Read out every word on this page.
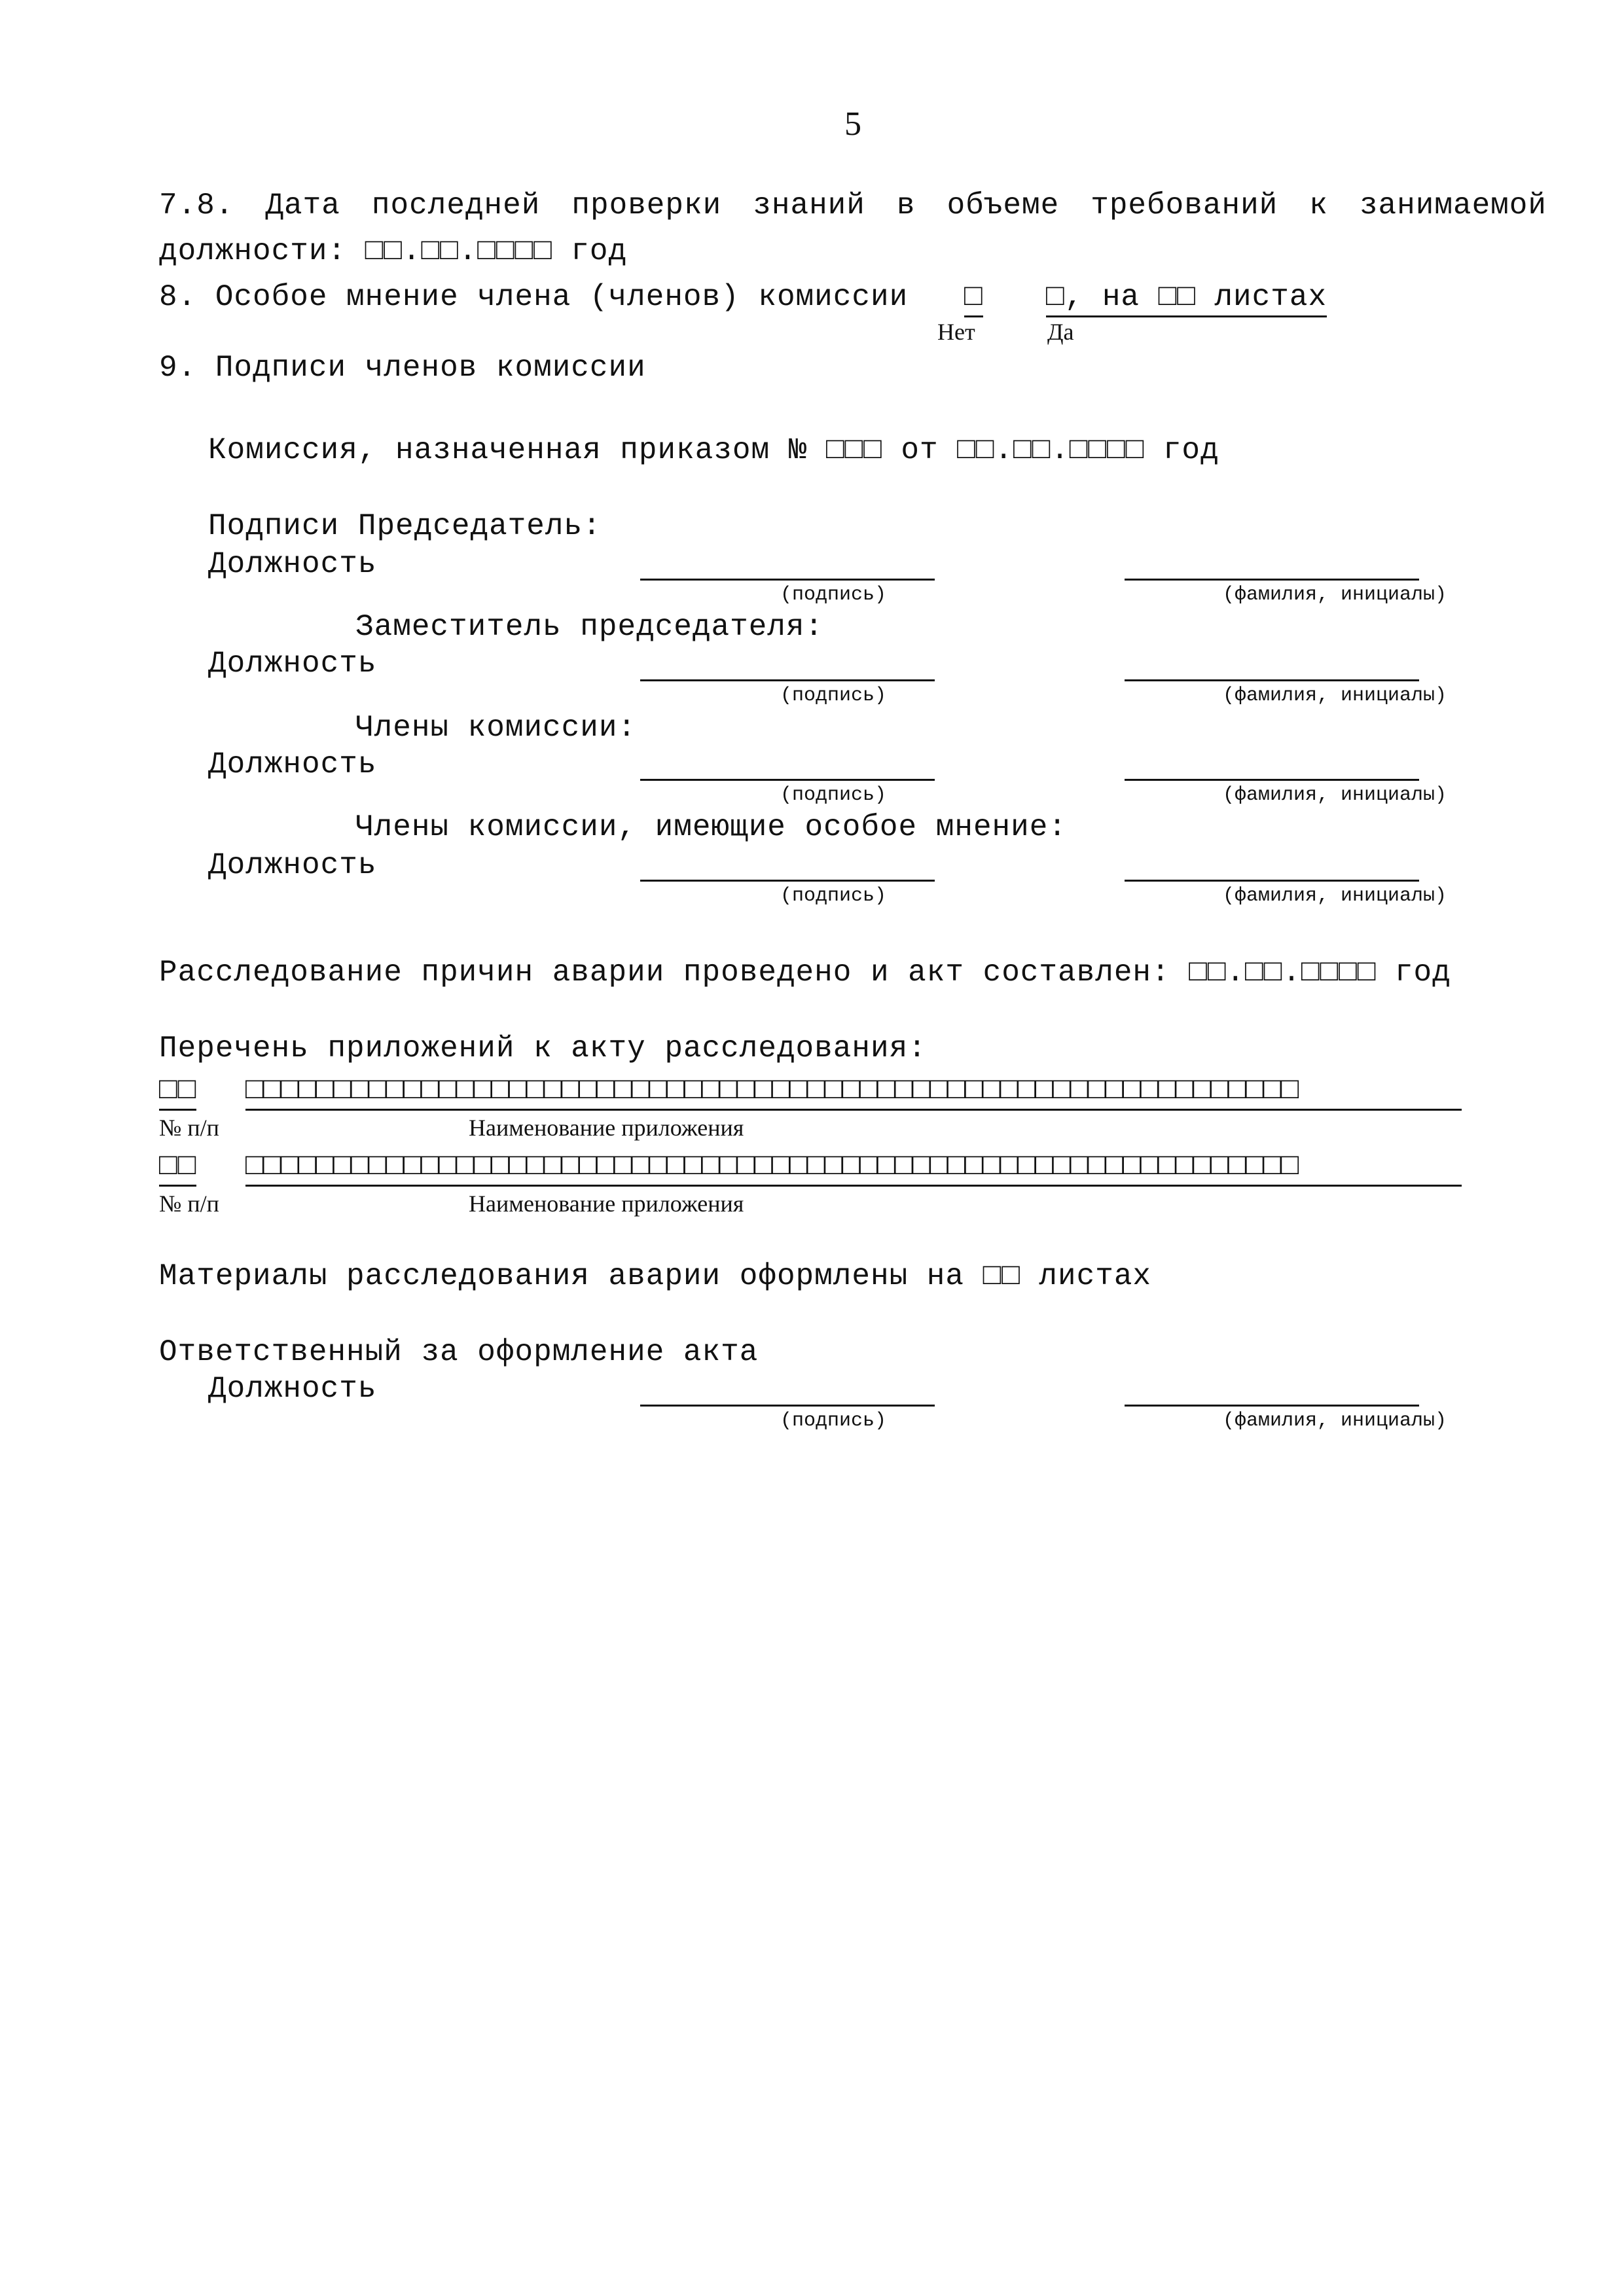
5
7.8. Дата последней проверки знаний в объеме требований к занимаемой
должности: □□.□□.□□□□ год
8. Особое мнение члена (членов) комиссии □ □, на □□ листах
Нет	Да
9. Подписи членов комиссии
Комиссия, назначенная приказом № □□□ от □□.□□.□□□□ год
Подписи Председатель:
Должность
(подпись)	(фамилия, инициалы)
Заместитель председателя:
Должность
(подпись)	(фамилия, инициалы)
Члены комиссии:
Должность
(подпись)	(фамилия, инициалы)
Члены комиссии, имеющие особое мнение:
Должность
(подпись)	(фамилия, инициалы)
Расследование причин аварии проведено и акт составлен: □□.□□.□□□□ год
Перечень приложений к акту расследования:
□□ □□□□□□□□□□□□□□□□□□□□□□□□□□□□□□□□□□□□□□□□□□□□□□□□□□□□□□□□□□□□
№ п/п	Наименование приложения
□□ □□□□□□□□□□□□□□□□□□□□□□□□□□□□□□□□□□□□□□□□□□□□□□□□□□□□□□□□□□□□
№ п/п	Наименование приложения
Материалы расследования аварии оформлены на □□ листах
Ответственный за оформление акта
Должность
(подпись)	(фамилия, инициалы)
